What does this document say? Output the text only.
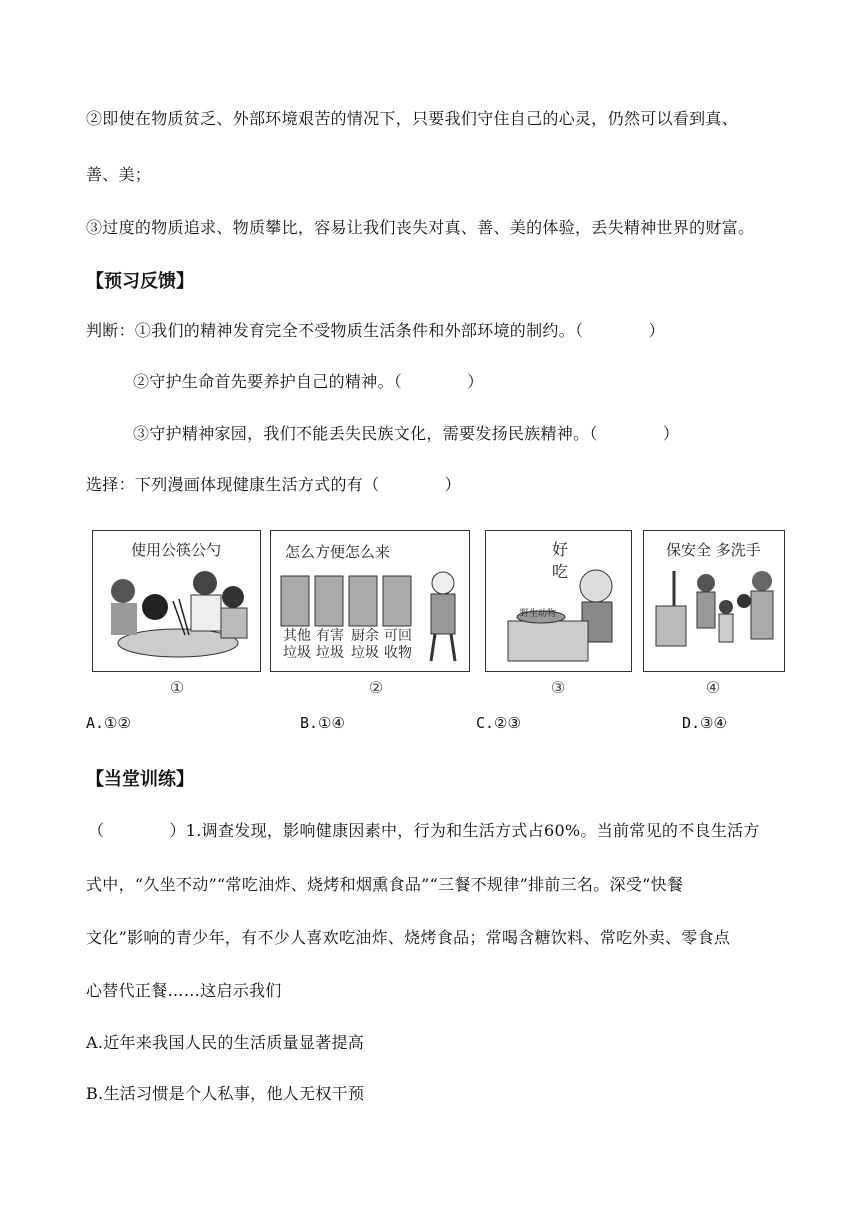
②即使在物质贫乏、外部环境艰苦的情况下，只要我们守住自己的心灵，仍然可以看到真、
善、美；
③过度的物质追求、物质攀比，容易让我们丧失对真、善、美的体验，丢失精神世界的财富。
【预习反馈】
判断：①我们的精神发育完全不受物质生活条件和外部环境的制约。（　　　　）
②守护生命首先要养护自己的精神。（　　　　）
③守护精神家园，我们不能丢失民族文化，需要发扬民族精神。（　　　　）
选择：下列漫画体现健康生活方式的有（　　　　）
使用公筷公勺	怎么方便怎么来
其他
垃圾
有害
垃圾
厨余
垃圾
可回
收物
好
吃
野生动物
保安全 多洗手
①	②	③	④
A.①②	B.①④	C.②③	D.③④
【当堂训练】
（　　　　）1.调查发现，影响健康因素中，行为和生活方式占60%。当前常见的不良生活方
式中，“久坐不动”“常吃油炸、烧烤和烟熏食品”“三餐不规律”排前三名。深受“快餐
文化”影响的青少年，有不少人喜欢吃油炸、烧烤食品；常喝含糖饮料、常吃外卖、零食点
心替代正餐……这启示我们
A.近年来我国人民的生活质量显著提高
B.生活习惯是个人私事，他人无权干预
